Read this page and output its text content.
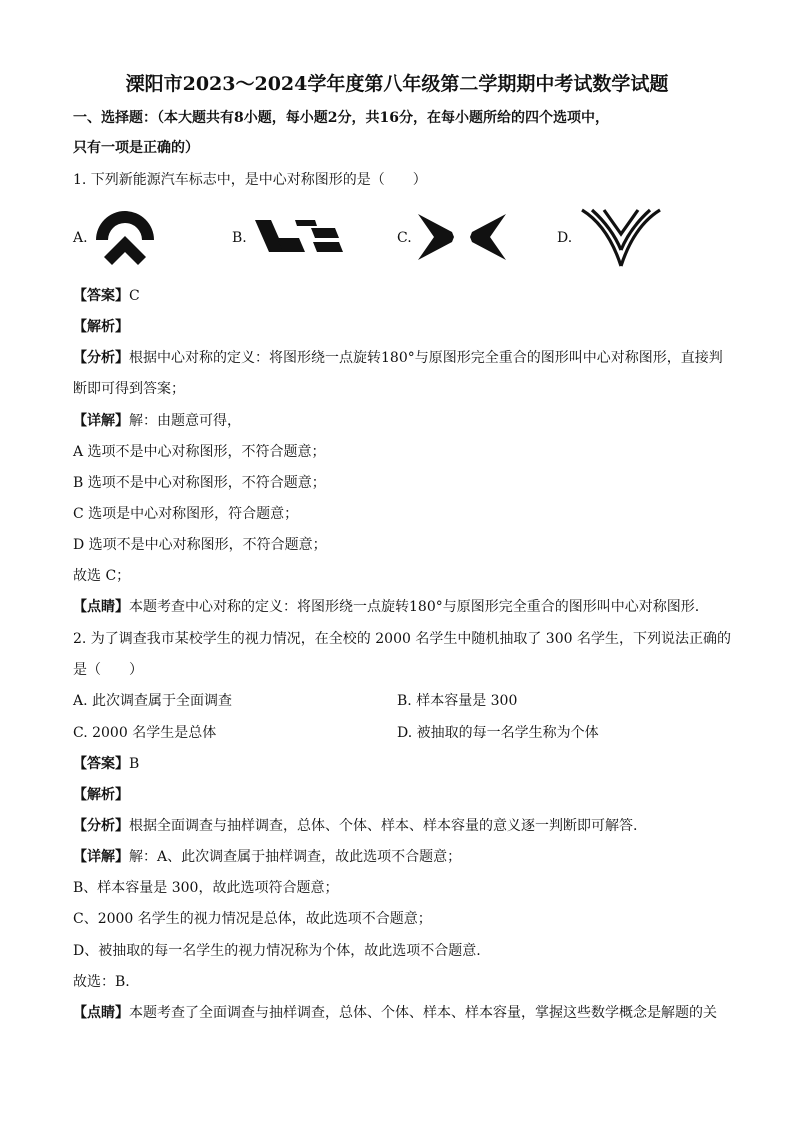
溧阳市2023～2024学年度第八年级第二学期期中考试数学试题
一、选择题：（本大题共有8小题，每小题2分，共16分，在每小题所给的四个选项中，
只有一项是正确的）
1. 下列新能源汽车标志中，是中心对称图形的是（　　）
A.	B.	C.	D.
【答案】C
【解析】
【分析】根据中心对称的定义：将图形绕一点旋转180°与原图形完全重合的图形叫中心对称图形，直接判
断即可得到答案；
【详解】解：由题意可得，
A 选项不是中心对称图形，不符合题意；
B 选项不是中心对称图形，不符合题意；
C 选项是中心对称图形，符合题意；
D 选项不是中心对称图形，不符合题意；
故选 C；
【点睛】本题考查中心对称的定义：将图形绕一点旋转180°与原图形完全重合的图形叫中心对称图形.
2. 为了调查我市某校学生的视力情况，在全校的 2000 名学生中随机抽取了 300 名学生，下列说法正确的
是（　　）
A. 此次调查属于全面调查	B. 样本容量是 300
C. 2000 名学生是总体	D. 被抽取的每一名学生称为个体
【答案】B
【解析】
【分析】根据全面调查与抽样调查，总体、个体、样本、样本容量的意义逐一判断即可解答.
【详解】解：A、此次调查属于抽样调查，故此选项不合题意；
B、样本容量是 300，故此选项符合题意；
C、2000 名学生的视力情况是总体，故此选项不合题意；
D、被抽取的每一名学生的视力情况称为个体，故此选项不合题意.
故选：B.
【点睛】本题考查了全面调查与抽样调查，总体、个体、样本、样本容量，掌握这些数学概念是解题的关
